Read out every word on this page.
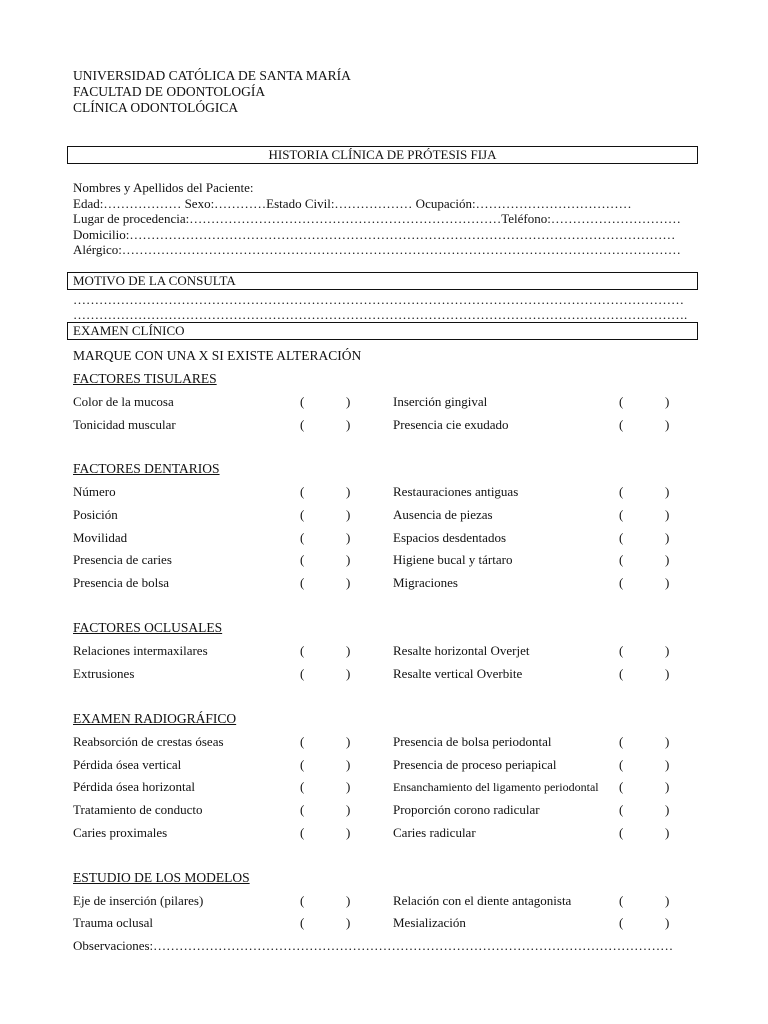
UNIVERSIDAD CATÓLICA DE SANTA MARÍA
FACULTAD DE ODONTOLOGÍA
CLÍNICA ODONTOLÓGICA
HISTORIA CLÍNICA DE PRÓTESIS FIJA
Nombres y Apellidos del Paciente:
Edad:……………… Sexo:…………Estado Civil:……………… Ocupación:………………………………
Lugar de procedencia:………………………………………………………………Teléfono:…………………………
Domicilio:………………………………………………………………………………………………………………
Alérgico:…………………………………………………………………………………………………………………
MOTIVO DE LA CONSULTA
……………………………………………………………………………………………………………………………
…………………………………………………………………………………………………………………………….
EXAMEN CLÍNICO
MARQUE CON UNA X SI EXISTE ALTERACIÓN
FACTORES TISULARES
Color de la mucosa	(	)	Inserción gingival	(	)
Tonicidad muscular	(	)	Presencia cie exudado	(	)
FACTORES DENTARIOS
Número	(	)	Restauraciones antiguas	(	)
Posición	(	)	Ausencia de piezas	(	)
Movilidad	(	)	Espacios desdentados	(	)
Presencia de caries	(	)	Higiene bucal y tártaro	(	)
Presencia de bolsa	(	)	Migraciones	(	)
FACTORES OCLUSALES
Relaciones intermaxilares	(	)	Resalte horizontal Overjet	(	)
Extrusiones	(	)	Resalte vertical Overbite	(	)
EXAMEN RADIOGRÁFICO
Reabsorción de crestas óseas	(	)	Presencia de bolsa periodontal	(	)
Pérdida ósea vertical	(	)	Presencia de proceso periapical	(	)
Pérdida ósea horizontal	(	)	Ensanchamiento del ligamento periodontal (	)
Tratamiento de conducto	(	)	Proporción corono radicular	(	)
Caries proximales	(	)	Caries radicular	(	)
ESTUDIO DE LOS MODELOS
Eje de inserción (pilares)	(	)	Relación con el diente antagonista	(	)
Trauma oclusal	(	)	Mesialización	(	)
Observaciones:…………………………………………………………………………………………………………
